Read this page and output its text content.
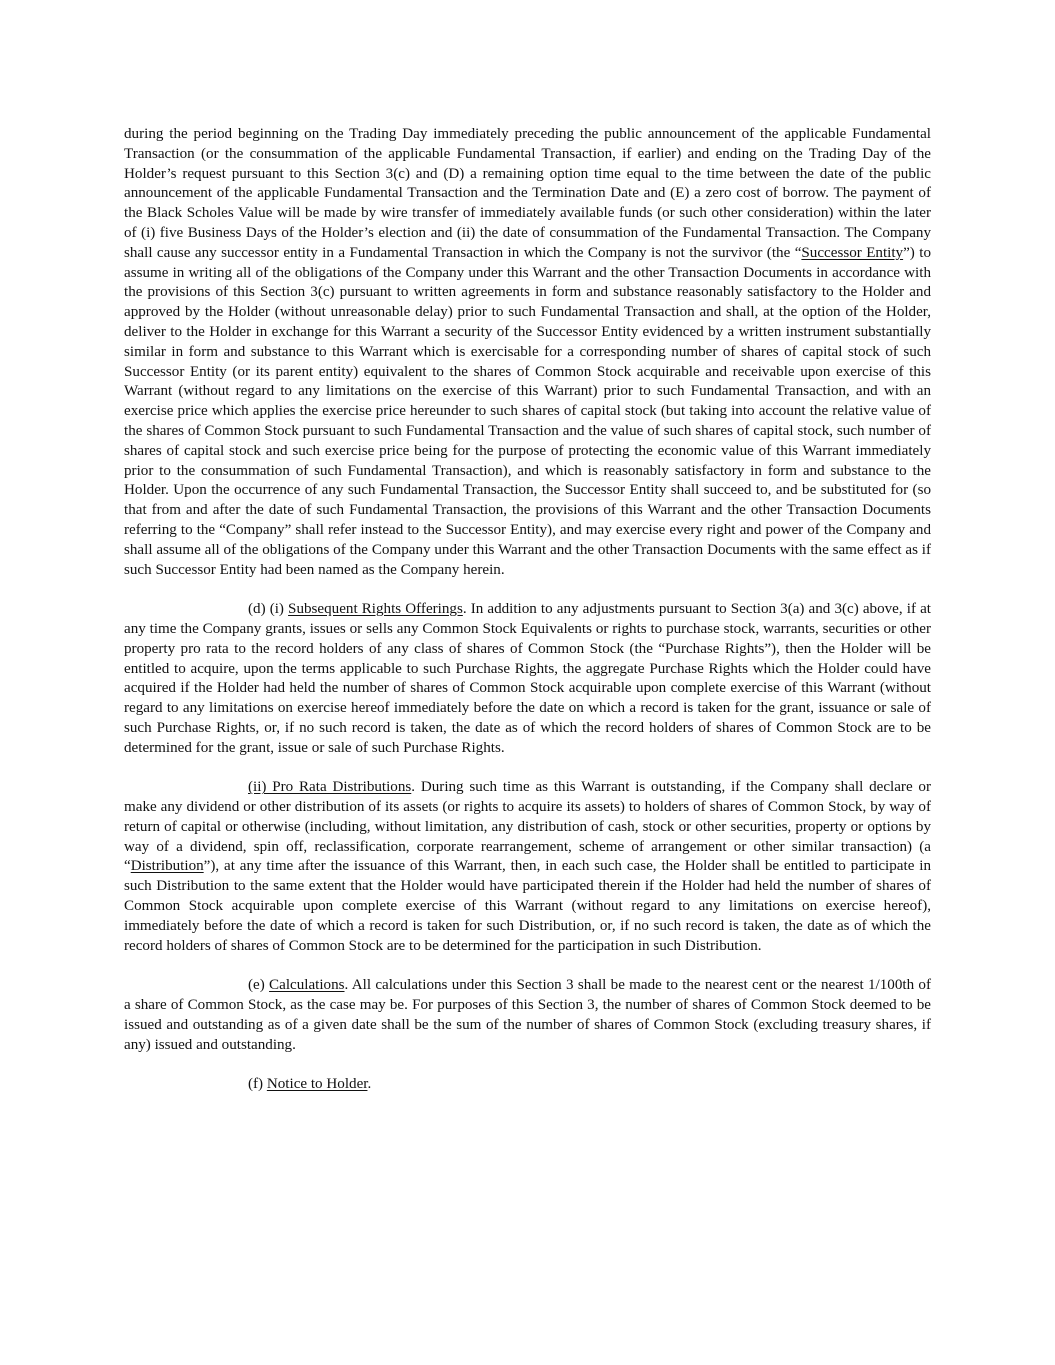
during the period beginning on the Trading Day immediately preceding the public announcement of the applicable Fundamental Transaction (or the consummation of the applicable Fundamental Transaction, if earlier) and ending on the Trading Day of the Holder’s request pursuant to this Section 3(c) and (D) a remaining option time equal to the time between the date of the public announcement of the applicable Fundamental Transaction and the Termination Date and (E) a zero cost of borrow. The payment of the Black Scholes Value will be made by wire transfer of immediately available funds (or such other consideration) within the later of (i) five Business Days of the Holder’s election and (ii) the date of consummation of the Fundamental Transaction. The Company shall cause any successor entity in a Fundamental Transaction in which the Company is not the survivor (the “Successor Entity”) to assume in writing all of the obligations of the Company under this Warrant and the other Transaction Documents in accordance with the provisions of this Section 3(c) pursuant to written agreements in form and substance reasonably satisfactory to the Holder and approved by the Holder (without unreasonable delay) prior to such Fundamental Transaction and shall, at the option of the Holder, deliver to the Holder in exchange for this Warrant a security of the Successor Entity evidenced by a written instrument substantially similar in form and substance to this Warrant which is exercisable for a corresponding number of shares of capital stock of such Successor Entity (or its parent entity) equivalent to the shares of Common Stock acquirable and receivable upon exercise of this Warrant (without regard to any limitations on the exercise of this Warrant) prior to such Fundamental Transaction, and with an exercise price which applies the exercise price hereunder to such shares of capital stock (but taking into account the relative value of the shares of Common Stock pursuant to such Fundamental Transaction and the value of such shares of capital stock, such number of shares of capital stock and such exercise price being for the purpose of protecting the economic value of this Warrant immediately prior to the consummation of such Fundamental Transaction), and which is reasonably satisfactory in form and substance to the Holder. Upon the occurrence of any such Fundamental Transaction, the Successor Entity shall succeed to, and be substituted for (so that from and after the date of such Fundamental Transaction, the provisions of this Warrant and the other Transaction Documents referring to the “Company” shall refer instead to the Successor Entity), and may exercise every right and power of the Company and shall assume all of the obligations of the Company under this Warrant and the other Transaction Documents with the same effect as if such Successor Entity had been named as the Company herein.

(d) (i) Subsequent Rights Offerings. In addition to any adjustments pursuant to Section 3(a) and 3(c) above, if at any time the Company grants, issues or sells any Common Stock Equivalents or rights to purchase stock, warrants, securities or other property pro rata to the record holders of any class of shares of Common Stock (the “Purchase Rights”), then the Holder will be entitled to acquire, upon the terms applicable to such Purchase Rights, the aggregate Purchase Rights which the Holder could have acquired if the Holder had held the number of shares of Common Stock acquirable upon complete exercise of this Warrant (without regard to any limitations on exercise hereof immediately before the date on which a record is taken for the grant, issuance or sale of such Purchase Rights, or, if no such record is taken, the date as of which the record holders of shares of Common Stock are to be determined for the grant, issue or sale of such Purchase Rights.

(ii) Pro Rata Distributions. During such time as this Warrant is outstanding, if the Company shall declare or make any dividend or other distribution of its assets (or rights to acquire its assets) to holders of shares of Common Stock, by way of return of capital or otherwise (including, without limitation, any distribution of cash, stock or other securities, property or options by way of a dividend, spin off, reclassification, corporate rearrangement, scheme of arrangement or other similar transaction) (a “Distribution”), at any time after the issuance of this Warrant, then, in each such case, the Holder shall be entitled to participate in such Distribution to the same extent that the Holder would have participated therein if the Holder had held the number of shares of Common Stock acquirable upon complete exercise of this Warrant (without regard to any limitations on exercise hereof), immediately before the date of which a record is taken for such Distribution, or, if no such record is taken, the date as of which the record holders of shares of Common Stock are to be determined for the participation in such Distribution.

(e) Calculations. All calculations under this Section 3 shall be made to the nearest cent or the nearest 1/100th of a share of Common Stock, as the case may be. For purposes of this Section 3, the number of shares of Common Stock deemed to be issued and outstanding as of a given date shall be the sum of the number of shares of Common Stock (excluding treasury shares, if any) issued and outstanding.

(f) Notice to Holder.
